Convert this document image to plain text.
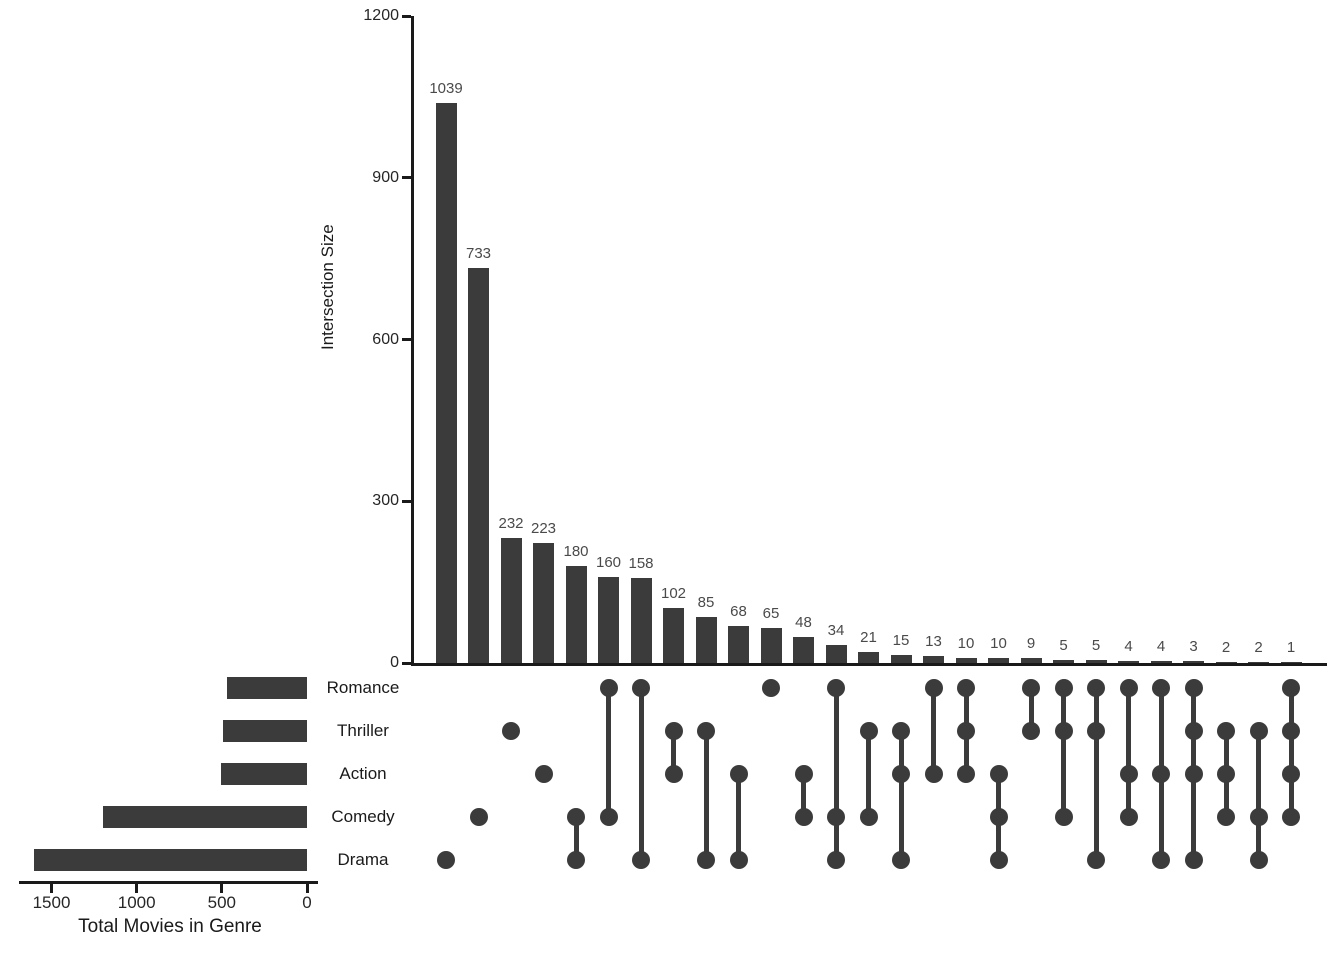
Intersection Size
0
300
600
900
1200
1039
733
232 223
180
160 158
102
85
68	65
48	34	21	15	13	10	10	9	5	5	4	4	3	2	2	1
Romance
Thriller
Action
Comedy
Drama
Total Movies in Genre
1500	1000	500	0
